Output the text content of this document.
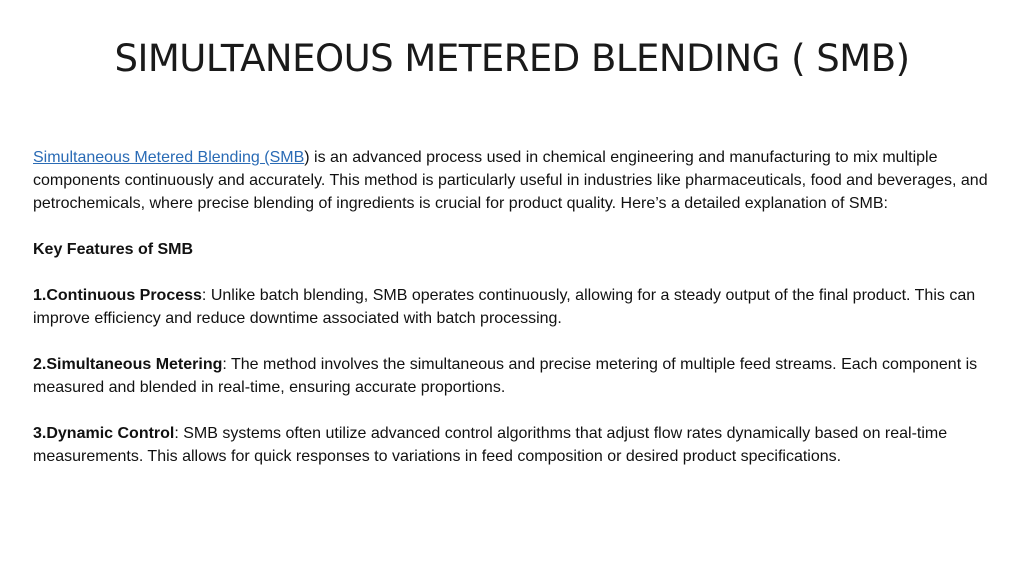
SIMULTANEOUS METERED BLENDING ( SMB)

Simultaneous Metered Blending (SMB) is an advanced process used in chemical engineering and manufacturing to mix multiple components continuously and accurately. This method is particularly useful in industries like pharmaceuticals, food and beverages, and petrochemicals, where precise blending of ingredients is crucial for product quality. Here’s a detailed explanation of SMB:

Key Features of SMB

1.Continuous Process: Unlike batch blending, SMB operates continuously, allowing for a steady output of the final product. This can improve efficiency and reduce downtime associated with batch processing.

2.Simultaneous Metering: The method involves the simultaneous and precise metering of multiple feed streams. Each component is measured and blended in real-time, ensuring accurate proportions.

3.Dynamic Control: SMB systems often utilize advanced control algorithms that adjust flow rates dynamically based on real-time measurements. This allows for quick responses to variations in feed composition or desired product specifications.
